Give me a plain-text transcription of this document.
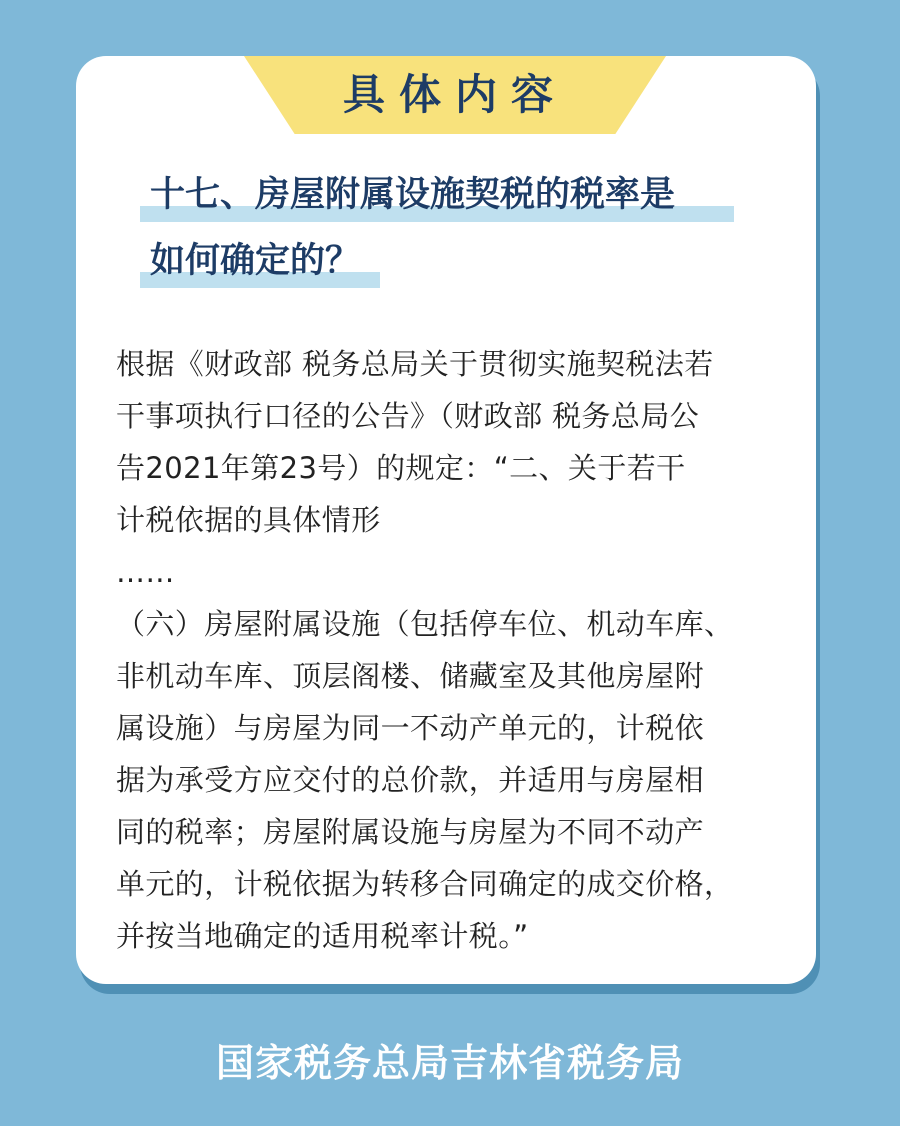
具体内容
十七、房屋附属设施契税的税率是
如何确定的？
根据《财政部 税务总局关于贯彻实施契税法若
干事项执行口径的公告》（财政部 税务总局公
告2021年第23号）的规定：“二、关于若干
计税依据的具体情形
……
（六）房屋附属设施（包括停车位、机动车库、
非机动车库、顶层阁楼、储藏室及其他房屋附
属设施）与房屋为同一不动产单元的，计税依
据为承受方应交付的总价款，并适用与房屋相
同的税率；房屋附属设施与房屋为不同不动产
单元的，计税依据为转移合同确定的成交价格，
并按当地确定的适用税率计税。”
国家税务总局吉林省税务局
